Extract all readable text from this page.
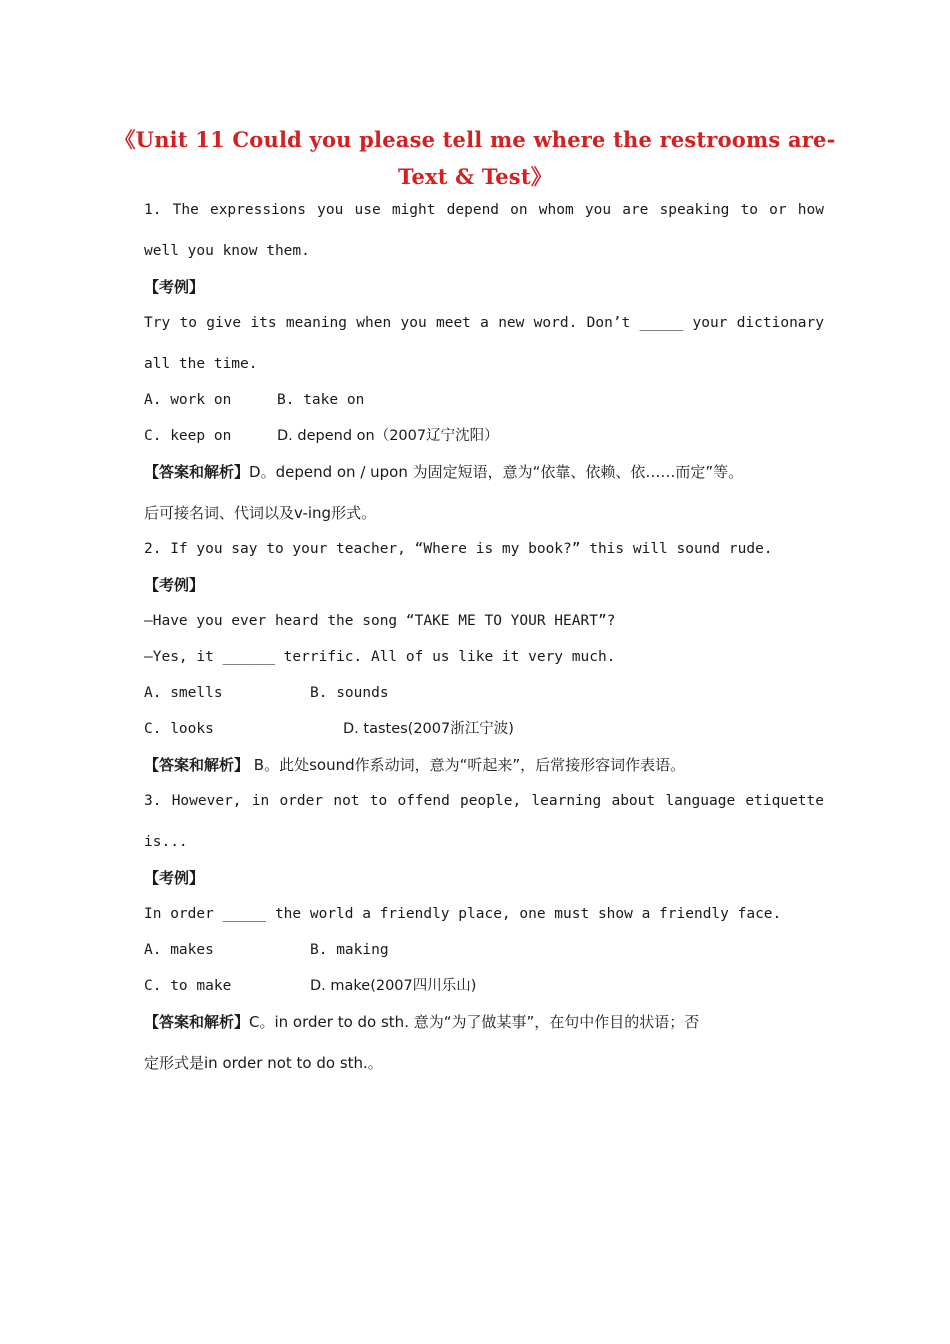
《Unit 11 Could you please tell me where the restrooms are-
Text & Test》
1. The expressions you use might depend on whom you are speaking to or how
well you know them.
【考例】
Try to give its meaning when you meet a new word. Don’t _____ your dictionary
all the time.
A. work on	B. take on
C. keep on	D. depend on（2007辽宁沈阳）
【答案和解析】D。depend on / upon 为固定短语，意为“依靠、依赖、依……而定”等。
后可接名词、代词以及v-ing形式。
2. If you say to your teacher, “Where is my book?” this will sound rude.
【考例】
—Have you ever heard the song “TAKE ME TO YOUR HEART”?
—Yes, it ______ terrific. All of us like it very much.
A. smells	B. sounds
C. looks	D. tastes(2007浙江宁波)
【答案和解析】 B。此处sound作系动词，意为“听起来”，后常接形容词作表语。
3. However, in order not to offend people, learning about language etiquette
is...
【考例】
In order _____ the world a friendly place, one must show a friendly face.
A. makes	B. making
C. to make	D. make(2007四川乐山)
【答案和解析】C。in order to do sth. 意为“为了做某事”，在句中作目的状语；否
定形式是in order not to do sth.。
